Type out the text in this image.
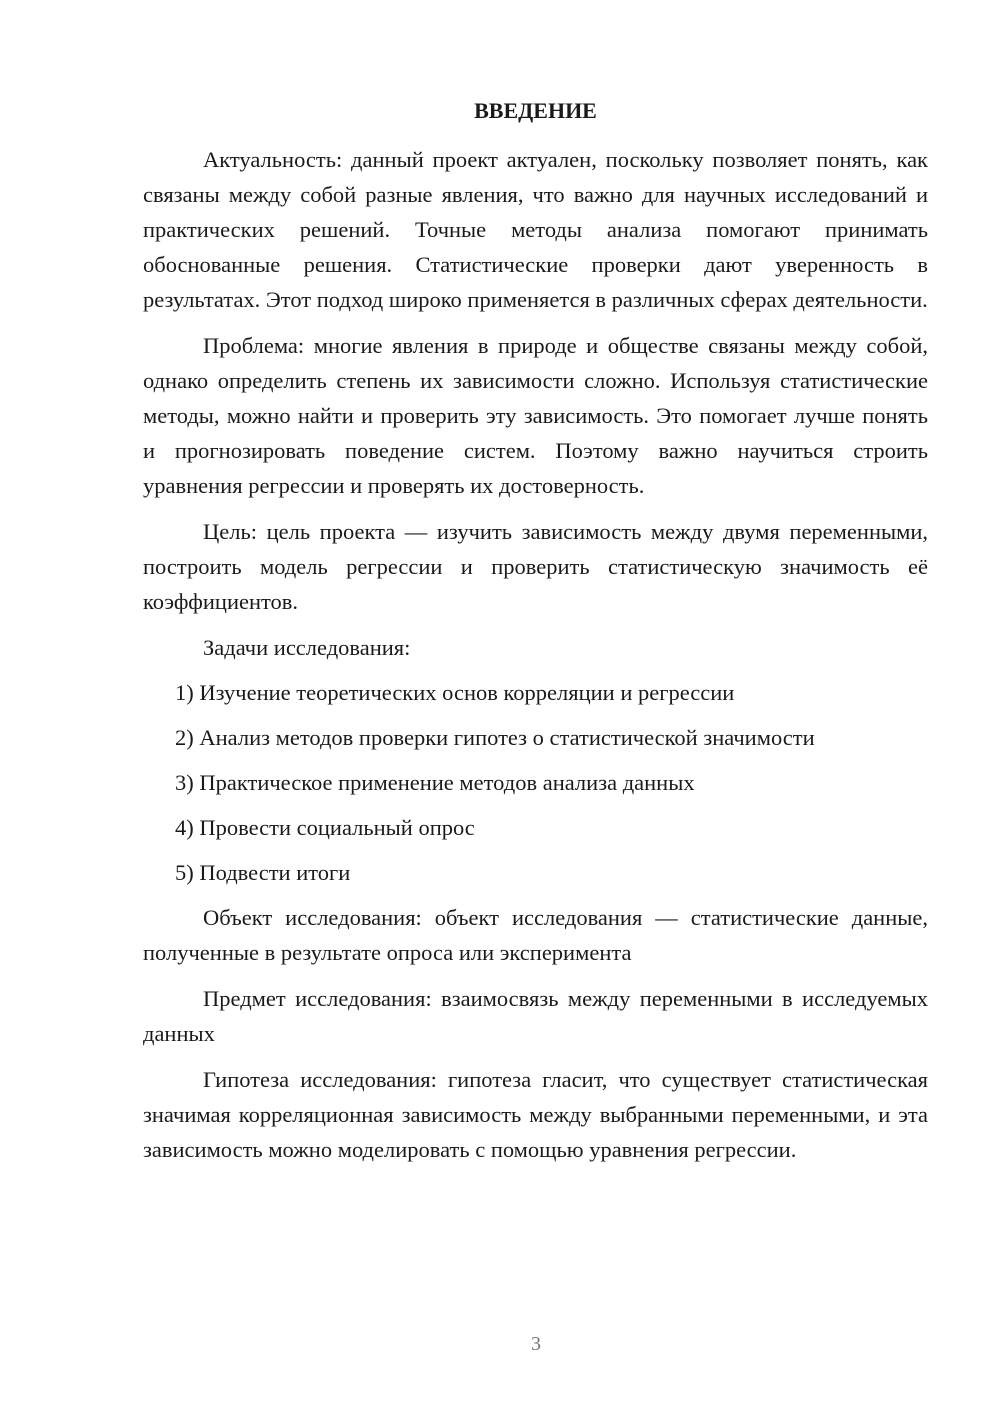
ВВЕДЕНИЕ

Актуальность: данный проект актуален, поскольку позволяет понять, как связаны между собой разные явления, что важно для научных исследований и практических решений. Точные методы анализа помогают принимать обоснованные решения. Статистические проверки дают уверенность в результатах. Этот подход широко применяется в различных сферах деятельности.

Проблема: многие явления в природе и обществе связаны между собой, однако определить степень их зависимости сложно. Используя статистические методы, можно найти и проверить эту зависимость. Это помогает лучше понять и прогнозировать поведение систем. Поэтому важно научиться строить уравнения регрессии и проверять их достоверность.

Цель: цель проекта — изучить зависимость между двумя переменными, построить модель регрессии и проверить статистическую значимость её коэффициентов.

Задачи исследования:

1) Изучение теоретических основ корреляции и регрессии
2) Анализ методов проверки гипотез о статистической значимости
3) Практическое применение методов анализа данных
4) Провести социальный опрос
5) Подвести итоги

Объект исследования: объект исследования — статистические данные, полученные в результате опроса или эксперимента

Предмет исследования: взаимосвязь между переменными в исследуемых данных

Гипотеза исследования: гипотеза гласит, что существует статистическая значимая корреляционная зависимость между выбранными переменными, и эта зависимость можно моделировать с помощью уравнения регрессии.

3
